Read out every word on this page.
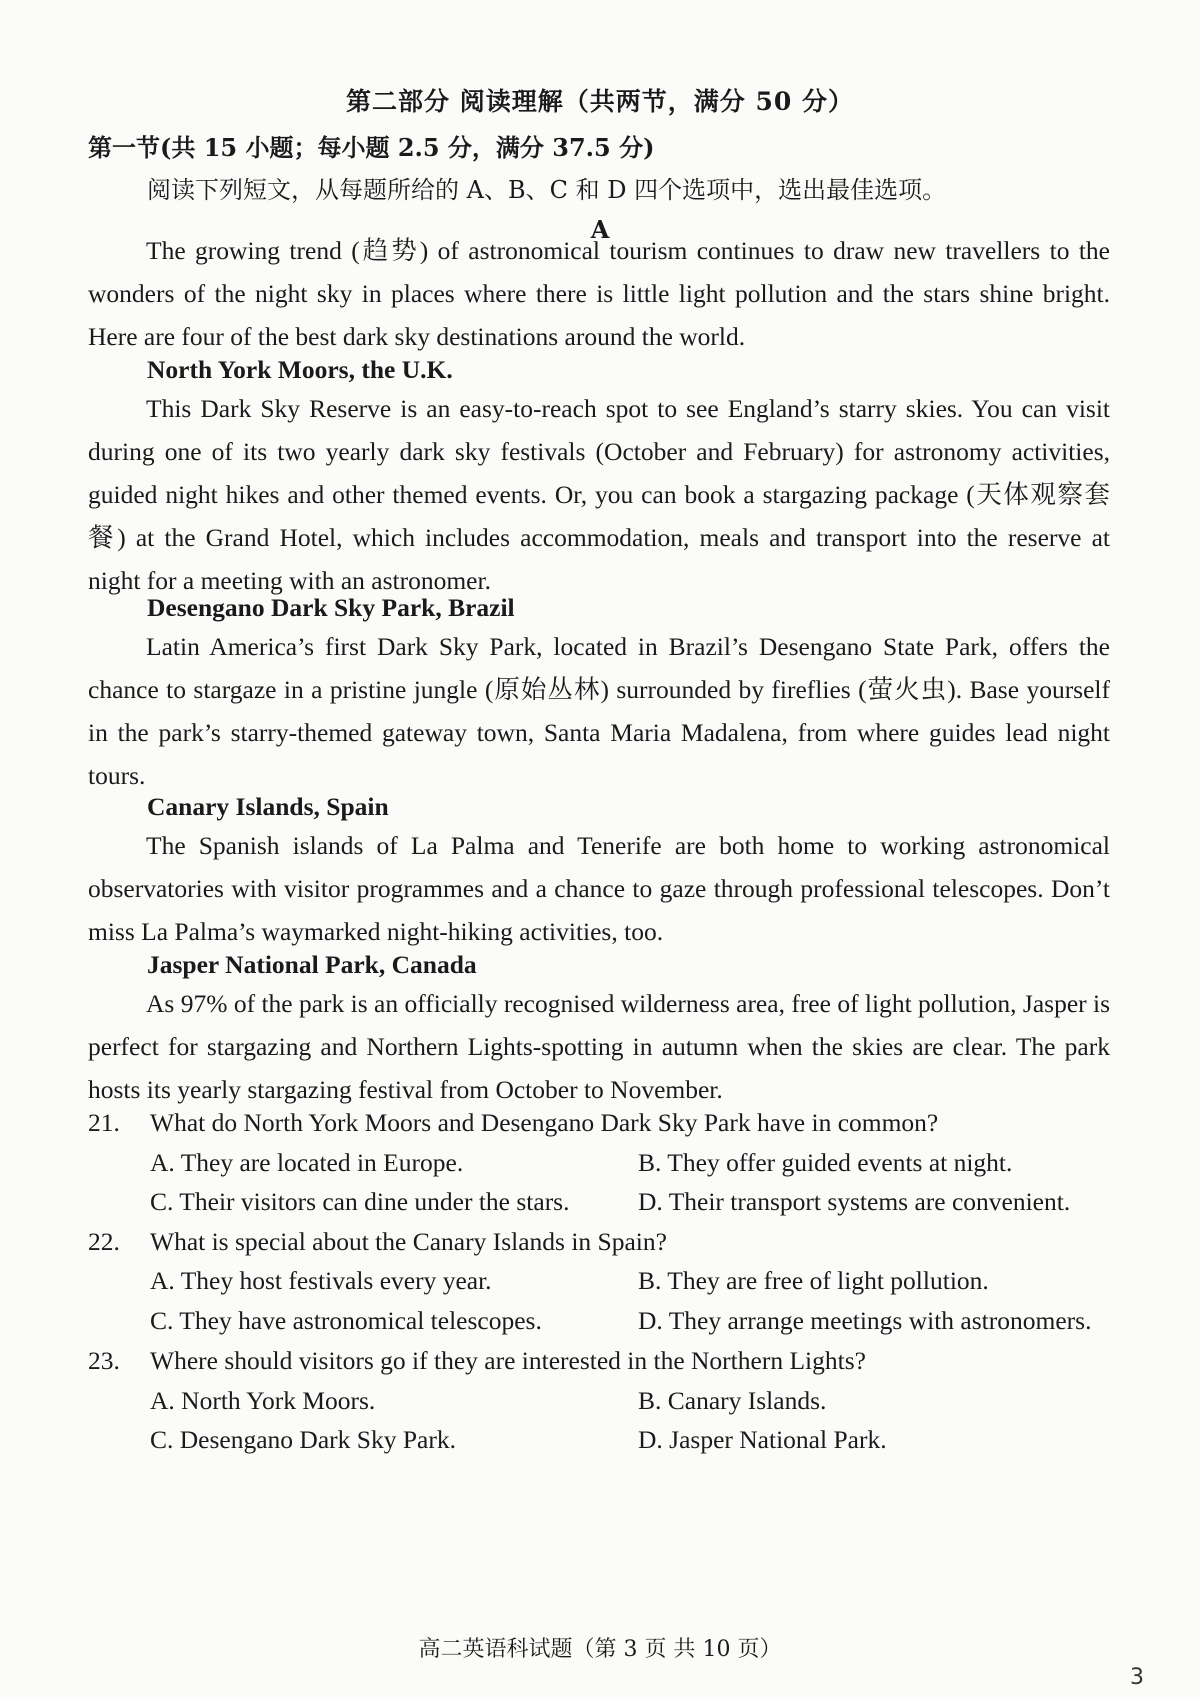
第二部分 阅读理解（共两节，满分 50 分）
第一节(共 15 小题；每小题 2.5 分，满分 37.5 分)
阅读下列短文，从每题所给的 A、B、C 和 D 四个选项中，选出最佳选项。
A
The growing trend (趋势) of astronomical tourism continues to draw new travellers to the wonders of the night sky in places where there is little light pollution and the stars shine bright. Here are four of the best dark sky destinations around the world.
North York Moors, the U.K.
This Dark Sky Reserve is an easy-to-reach spot to see England’s starry skies. You can visit during one of its two yearly dark sky festivals (October and February) for astronomy activities, guided night hikes and other themed events. Or, you can book a stargazing package (天体观察套餐) at the Grand Hotel, which includes accommodation, meals and transport into the reserve at night for a meeting with an astronomer.
Desengano Dark Sky Park, Brazil
Latin America’s first Dark Sky Park, located in Brazil’s Desengano State Park, offers the chance to stargaze in a pristine jungle (原始丛林) surrounded by fireflies (萤火虫). Base yourself in the park’s starry-themed gateway town, Santa Maria Madalena, from where guides lead night tours.
Canary Islands, Spain
The Spanish islands of La Palma and Tenerife are both home to working astronomical observatories with visitor programmes and a chance to gaze through professional telescopes. Don’t miss La Palma’s waymarked night-hiking activities, too.
Jasper National Park, Canada
As 97% of the park is an officially recognised wilderness area, free of light pollution, Jasper is perfect for stargazing and Northern Lights-spotting in autumn when the skies are clear. The park hosts its yearly stargazing festival from October to November.
21. What do North York Moors and Desengano Dark Sky Park have in common?
A. They are located in Europe.	B. They offer guided events at night.
C. Their visitors can dine under the stars.	D. Their transport systems are convenient.
22. What is special about the Canary Islands in Spain?
A. They host festivals every year.	B. They are free of light pollution.
C. They have astronomical telescopes.	D. They arrange meetings with astronomers.
23. Where should visitors go if they are interested in the Northern Lights?
A. North York Moors.	B. Canary Islands.
C. Desengano Dark Sky Park.	D. Jasper National Park.
高二英语科试题（第 3 页 共 10 页）
3
